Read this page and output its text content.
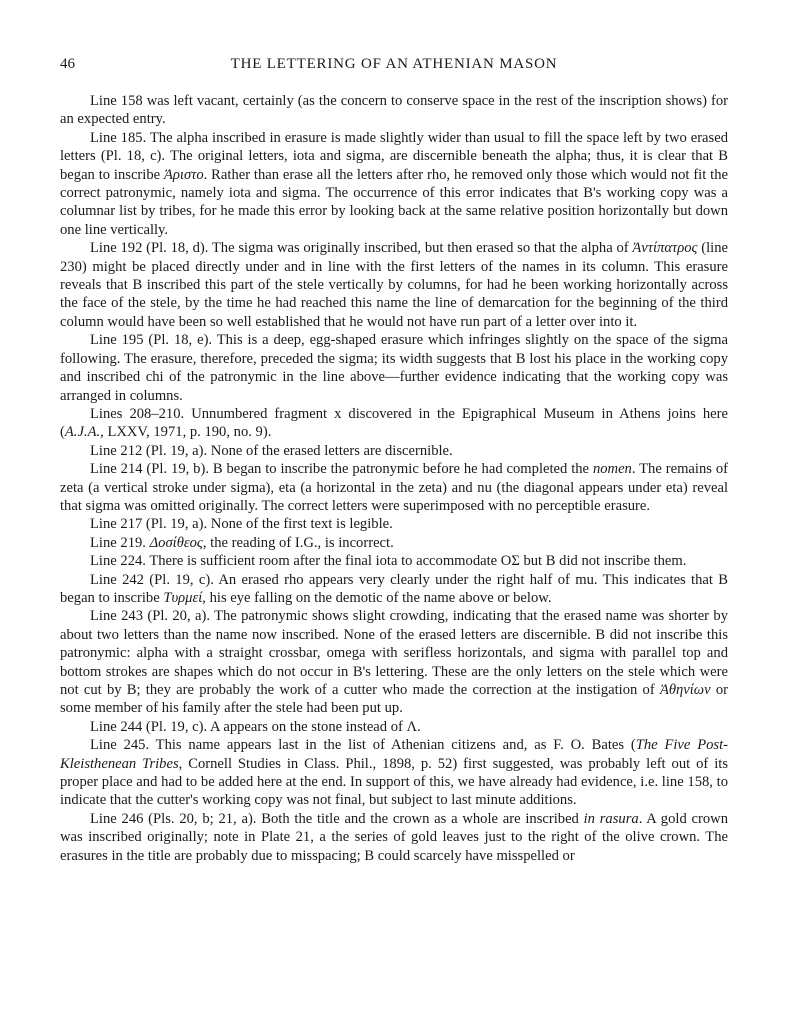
46	THE LETTERING OF AN ATHENIAN MASON

Line 158 was left vacant, certainly (as the concern to conserve space in the rest of the inscription shows) for an expected entry.

Line 185. The alpha inscribed in erasure is made slightly wider than usual to fill the space left by two erased letters (Pl. 18, c). The original letters, iota and sigma, are discernible beneath the alpha; thus, it is clear that B began to inscribe Ἀριστο. Rather than erase all the letters after rho, he removed only those which would not fit the correct patronymic, namely iota and sigma. The occurrence of this error indicates that B's working copy was a columnar list by tribes, for he made this error by looking back at the same relative position horizontally but down one line vertically.

Line 192 (Pl. 18, d). The sigma was originally inscribed, but then erased so that the alpha of Ἀντίπατρος (line 230) might be placed directly under and in line with the first letters of the names in its column. This erasure reveals that B inscribed this part of the stele vertically by columns, for had he been working horizontally across the face of the stele, by the time he had reached this name the line of demarcation for the beginning of the third column would have been so well established that he would not have run part of a letter over into it.

Line 195 (Pl. 18, e). This is a deep, egg-shaped erasure which infringes slightly on the space of the sigma following. The erasure, therefore, preceded the sigma; its width suggests that B lost his place in the working copy and inscribed chi of the patronymic in the line above—further evidence indicating that the working copy was arranged in columns.

Lines 208–210. Unnumbered fragment x discovered in the Epigraphical Museum in Athens joins here (A.J.A., LXXV, 1971, p. 190, no. 9).

Line 212 (Pl. 19, a). None of the erased letters are discernible.

Line 214 (Pl. 19, b). B began to inscribe the patronymic before he had completed the nomen. The remains of zeta (a vertical stroke under sigma), eta (a horizontal in the zeta) and nu (the diagonal appears under eta) reveal that sigma was omitted originally. The correct letters were superimposed with no perceptible erasure.

Line 217 (Pl. 19, a). None of the first text is legible.

Line 219. Δοσίθεος, the reading of I.G., is incorrect.

Line 224. There is sufficient room after the final iota to accommodate ΟΣ but B did not inscribe them.

Line 242 (Pl. 19, c). An erased rho appears very clearly under the right half of mu. This indicates that B began to inscribe Τυρμεί, his eye falling on the demotic of the name above or below.

Line 243 (Pl. 20, a). The patronymic shows slight crowding, indicating that the erased name was shorter by about two letters than the name now inscribed. None of the erased letters are discernible. B did not inscribe this patronymic: alpha with a straight crossbar, omega with serifless horizontals, and sigma with parallel top and bottom strokes are shapes which do not occur in B's lettering. These are the only letters on the stele which were not cut by B; they are probably the work of a cutter who made the correction at the instigation of Ἀθηνίων or some member of his family after the stele had been put up.

Line 244 (Pl. 19, c). A appears on the stone instead of Λ.

Line 245. This name appears last in the list of Athenian citizens and, as F. O. Bates (The Five Post-Kleisthenean Tribes, Cornell Studies in Class. Phil., 1898, p. 52) first suggested, was probably left out of its proper place and had to be added here at the end. In support of this, we have already had evidence, i.e. line 158, to indicate that the cutter's working copy was not final, but subject to last minute additions.

Line 246 (Pls. 20, b; 21, a). Both the title and the crown as a whole are inscribed in rasura. A gold crown was inscribed originally; note in Plate 21, a the series of gold leaves just to the right of the olive crown. The erasures in the title are probably due to misspacing; B could scarcely have misspelled or
